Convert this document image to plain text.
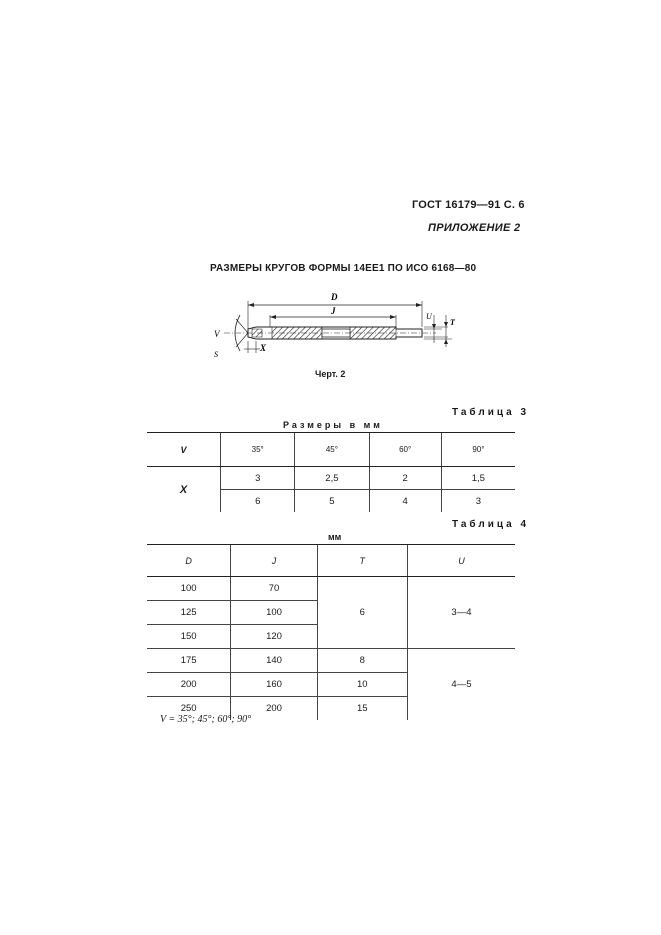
ГОСТ 16179—91 С. 6
ПРИЛОЖЕНИЕ 2
РАЗМЕРЫ КРУГОВ ФОРМЫ 14ЕЕ1 ПО ИСО 6168—80
D
J
U
T
V
X
S
Черт. 2
Таблица 3
Размеры в мм
V	35°	45°	60°	90°
X	3	2,5	2	1,5
	6	5	4	3
Таблица 4
мм
D	J	T	U
100	70	6	3—4
125	100		
150	120		
175	140	8	4—5
200	160	10	
250	200	15	
V = 35°; 45°; 60°; 90°
